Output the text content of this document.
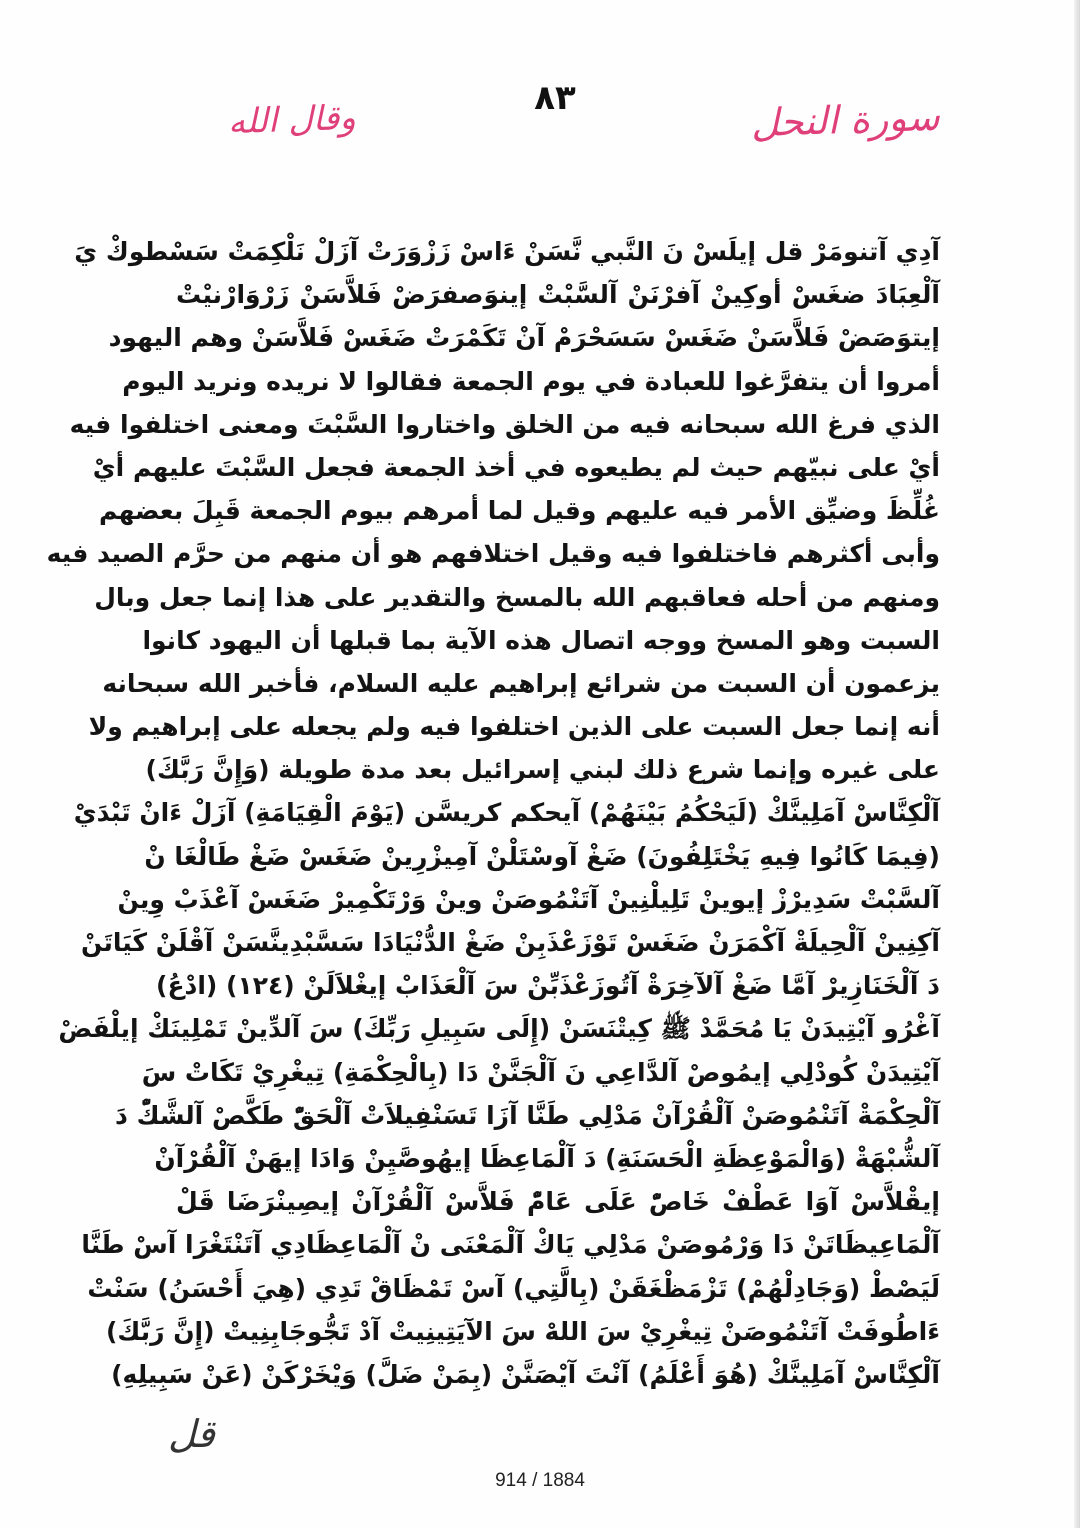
٨٣	سورة النحل
وقال الله
آدِي آتنومَرْ قل إيلَسْ نَ النَّبي نَّسَنْ ءَاسْ زَزْوَرَتْ آزَلْ نَلْكِمَتْ سَسْطوكْ يَ
آلْعِبَادَ ضغَسْ أوكِينْ آفرْنَنْ آلسَّبْتْ إينوَصفرَضْ فَلاَّسَنْ زَرْوَارْنيْتْ
إيتوَصَضْ فَلاَّسَنْ ضَغَسْ سَسَحْرَمْ آنْ تَكَمْرَتْ ضَغَسْ فَلاَّسَنْ وهم اليهود
أمروا أن يتفرَّغوا للعبادة في يوم الجمعة فقالوا لا نريده ونريد اليوم
الذي فرغ الله سبحانه فيه من الخلق واختاروا السَّبْتَ ومعنى اختلفوا فيه
أيْ على نبيّهم حيث لم يطيعوه في أخذ الجمعة فجعل السَّبْتَ عليهم أيْ
غُلِّظَ وضيِّق الأمر فيه عليهم وقيل لما أمرهم بيوم الجمعة قَبِلَ بعضهم
وأبى أكثرهم فاختلفوا فيه وقيل اختلافهم هو أن منهم من حرَّم الصيد فيه
ومنهم من أحله فعاقبهم الله بالمسخ والتقدير على هذا إنما جعل وبال
السبت وهو المسخ ووجه اتصال هذه الآية بما قبلها أن اليهود كانوا
يزعمون أن السبت من شرائع إبراهيم عليه السلام، فأخبر الله سبحانه
أنه إنما جعل السبت على الذين اختلفوا فيه ولم يجعله على إبراهيم ولا
على غيره وإنما شرع ذلك لبني إسرائيل بعد مدة طويلة (وَإِنَّ رَبَّكَ)
آلْكِنَّاسْ آمَلِينَّكْ (لَيَحْكُمُ بَيْنَهُمْ) آيحكم كريسَّن (يَوْمَ الْقِيَامَةِ) آزَلْ ءَانْ تَبْدَيْ
(فِيمَا كَانُوا فِيهِ يَخْتَلِفُونَ) ضَغْ آوسْتَلْنْ آمِيزْرِينْ ضَغَسْ ضَغْ طَالْغَا نْ
آلسَّبْتْ سَدِيرْزْ إيوينْ تَلِيلْنِينْ آتَنْمُوصَنْ وينْ وَرْتَكْمِيرْ ضَغَسْ آعْذَبْ وِينْ
آكِنِينْ آلْحِيلَةْ آكْمَرَنْ ضَغَسْ تَوْزَعْذَبِنْ ضَغْ الدُّنْيَادَا سَسَّبْدِينَّسَنْ آقْلَنْ كَيَاتَنْ
دَ آلْخَنَازِيرْ آمَّا ضَغْ آلآخِرَةْ آتُوزَعْذَبِّنْ سَ آلْعَذَابْ إيغْلاَلَنْ (١٢٤) (ادْعُ)
آغْرُو آيْتِيدَنْ يَا مُحَمَّدْ ﷺ كِيتْنَسَنْ (إِلَى سَبِيلِ رَبِّكَ) سَ آلدِّينْ تَمْلِينَكْ إيلْفَضْ
آيْتِيدَنْ كُودْلِي إيمُوصْ آلدَّاعِي نَ آلْجَنَّنْ دَا (بِالْحِكْمَةِ) تِيغْرِيْ تَكَاتْ سَ
آلْحِكْمَةْ آتَنْمُوصَنْ آلْقُرْآنْ مَدْلِي طَنَّا آزَا تَسَنْفِيلاَتْ آلْحَقّْ طَكَّصْ آلشَّكّْ دَ
آلشُّبْهَةْ (وَالْمَوْعِظَةِ الْحَسَنَةِ) دَ آلْمَاعِظَا إيهُوصَّيِنْ وَادَا إيهَنْ آلْقُرْآنْ
إيقْلاَّسْ آوَا عَطْفْ خَاصّْ عَلَى عَامّْ فَلاَّسْ آلْقُرْآنْ إيصِينْرَضَا قَلْ
آلْمَاعِيظَاتَنْ دَا وَرْمُوصَنْ مَدْلِي يَاكْ آلْمَعْنَى نْ آلْمَاعِظَادِي آتَنْتَغْرَا آسْ طَنَّا
لَيَصْطْ (وَجَادِلْهُمْ) تَزْمَظْغَقَنْ (بِالَّتِي) آسْ تَمْظَاقْ تَدِي (هِيَ أَحْسَنُ) سَنْتْ
ءَاطُوفَتْ آتَنْمُوصَنْ تِيغْرِيْ سَ اللهْ سَ الآيَتِينِيتْ آدْ تَجُّوجَابِنِيتْ (إِنَّ رَبَّكَ)
آلْكِنَّاسْ آمَلِينَّكْ (هُوَ أَعْلَمُ) آنْتَ آيْصَنَّنْ (بِمَنْ ضَلَّ) وَيْخَرْكَنْ (عَنْ سَبِيلِهِ)
قل
914 / 1884
